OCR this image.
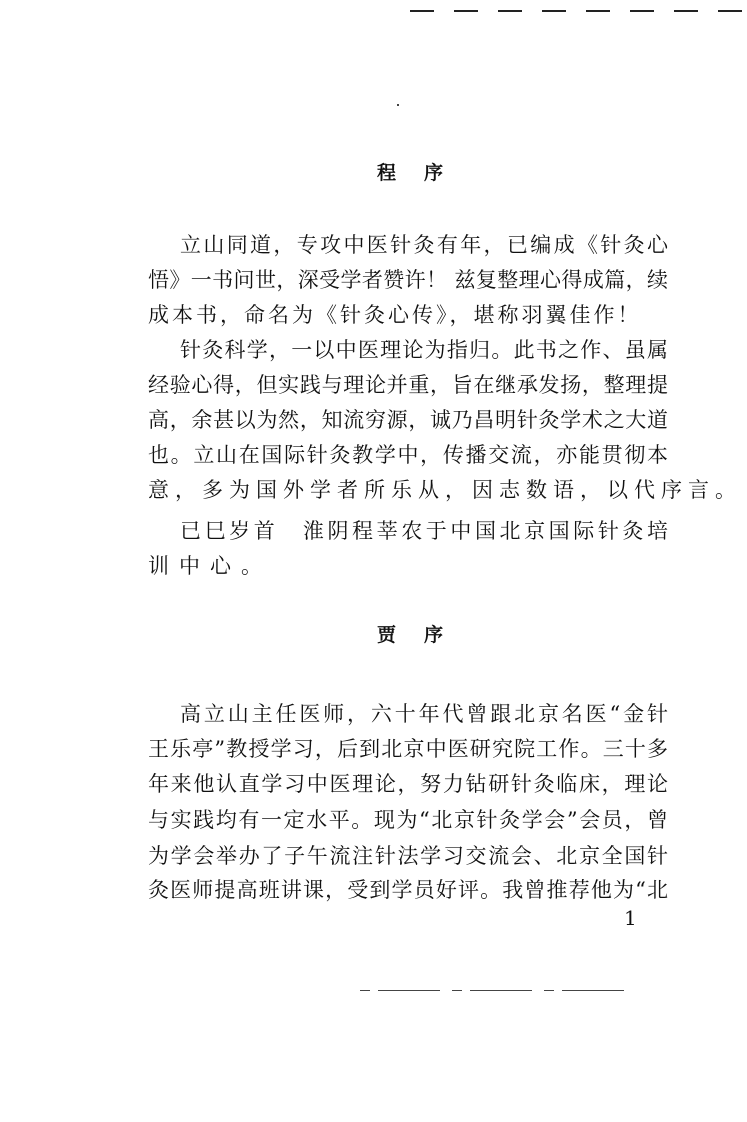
程序
立山同道，专攻中医针灸有年，已编成《针灸心
悟》一书问世，深受学者赞许！ 兹复整理心得成篇，续
成本书，命名为《针灸心传》，堪称羽翼佳作！
针灸科学，一以中医理论为指归。此书之作、虽属
经验心得，但实践与理论并重，旨在继承发扬，整理提
高，余甚以为然，知流穷源，诚乃昌明针灸学术之大道
也。立山在国际针灸教学中，传播交流，亦能贯彻本
意，多为国外学者所乐从，因志数语，以代序言。
已巳岁首　淮阴程莘农于中国北京国际针灸培
训中心。
贾序
高立山主任医师，六十年代曾跟北京名医“金针
王乐亭”教授学习，后到北京中医研究院工作。三十多
年来他认直学习中医理论，努力钻研针灸临床，理论
与实践均有一定水平。现为“北京针灸学会”会员，曾
为学会举办了子午流注针法学习交流会、北京全国针
灸医师提高班讲课，受到学员好评。我曾推荐他为“北
1
